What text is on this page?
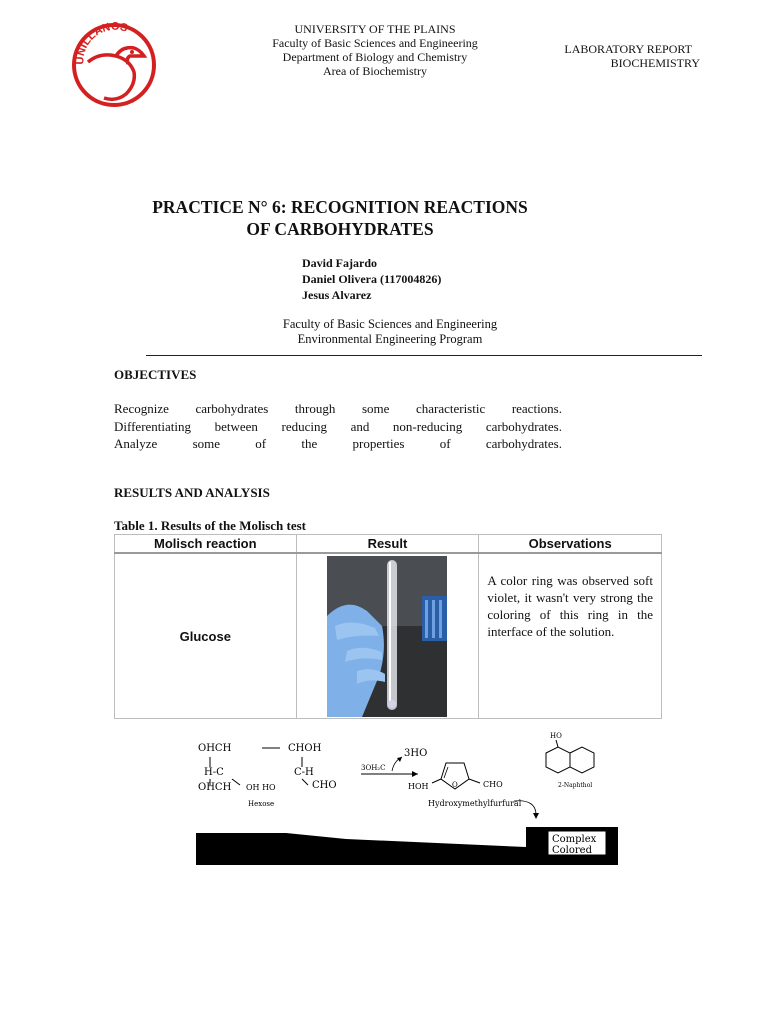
UNILLANOS	UNIVERSITY OF THE PLAINS
Faculty of Basic Sciences and Engineering
Department of Biology and Chemistry
Area of Biochemistry
LABORATORY REPORT
BIOCHEMISTRY
PRACTICE N° 6: RECOGNITION REACTIONS
OF CARBOHYDRATES
David Fajardo
Daniel Olivera (117004826)
Jesus Alvarez
Faculty of Basic Sciences and Engineering
Environmental Engineering Program
OBJECTIVES
Recognize carbohydrates through some characteristic reactions.
Differentiating between reducing and non-reducing carbohydrates.
Analyze some of the properties of carbohydrates.
RESULTS AND ANALYSIS
Table 1. Results of the Molisch test
Molisch reaction	Result	Observations
Glucose		A color ring was observed soft violet, it wasn't very strong the coloring of this ring in the interface of the solution.
OHCH	CHOH
H-C
OHCH OH HO
C-H
CHO
Hexose
3OH₂C
3HO
O
HOH	CHO
Hydroxymethylfurfural
HO
2-Naphthol
Complex
Colored
